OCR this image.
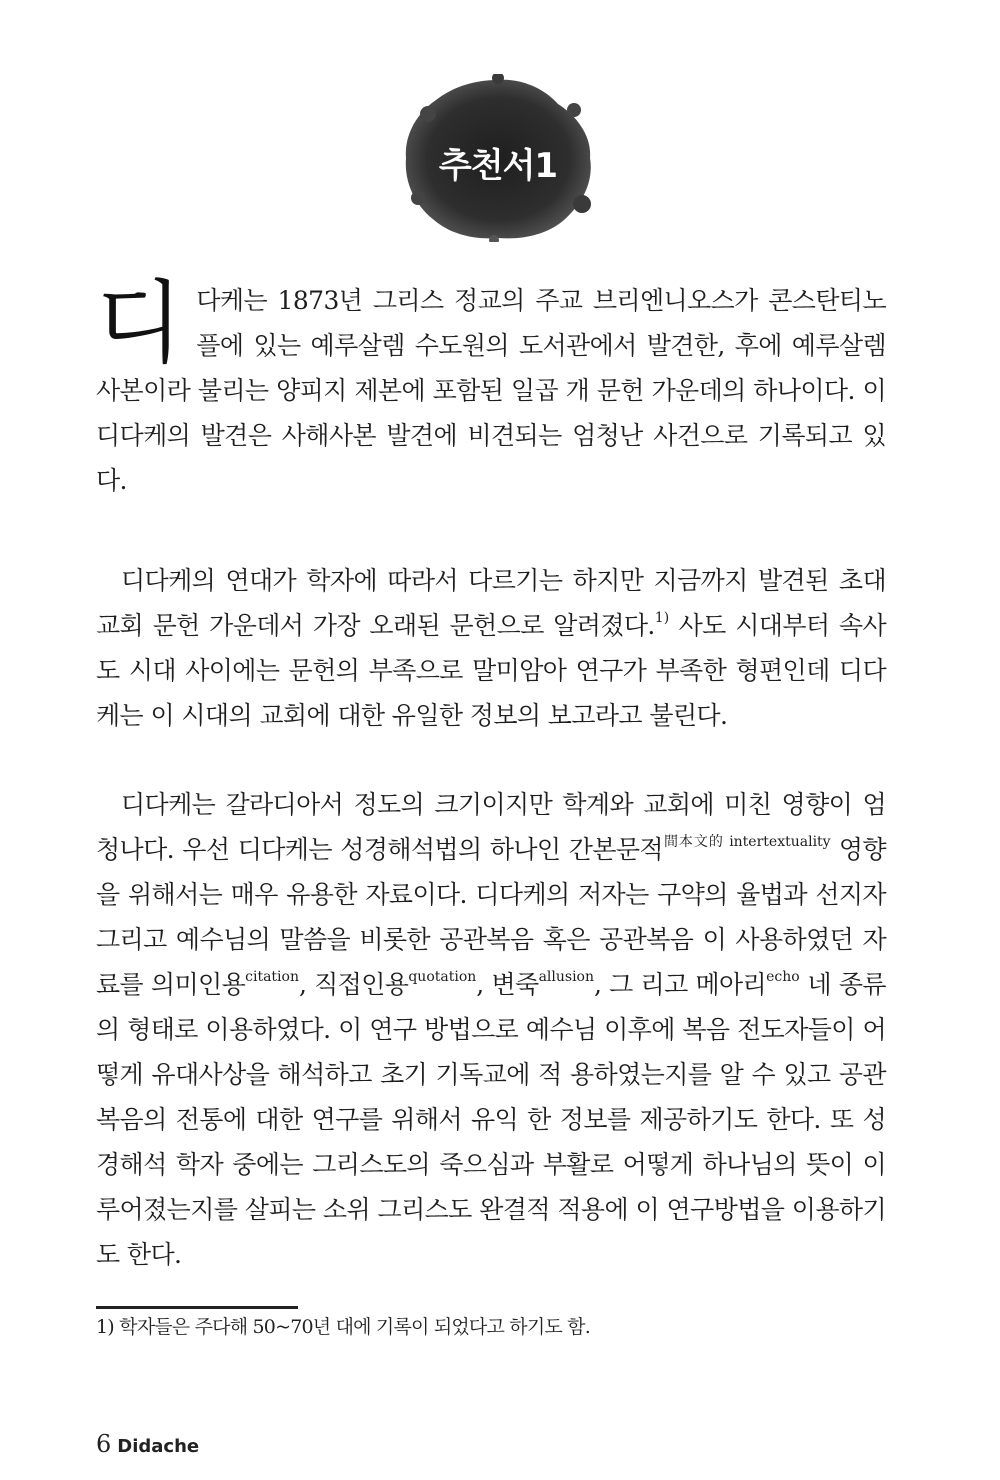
추천서1
디 다케는 1873년 그리스 정교의 주교 브리엔니오스가 콘스탄티노플에 있는 예루살렘 수도원의 도서관에서 발견한, 후에 예루살렘 사본이라 불리는 양피지 제본에 포함된 일곱 개 문헌 가운데의 하나이다. 이 디다케의 발견은 사해사본 발견에 비견되는 엄청난 사건으로 기록되고 있다.
디다케의 연대가 학자에 따라서 다르기는 하지만 지금까지 발견된 초대교회 문헌 가운데서 가장 오래된 문헌으로 알려졌다.$^{1)}$ 사도 시대부터 속사도 시대 사이에는 문헌의 부족으로 말미암아 연구가 부족한 형편인데 디다케는 이 시대의 교회에 대한 유일한 정보의 보고라고 불린다.
디다케는 갈라디아서 정도의 크기이지만 학계와 교회에 미친 영향이 엄청나다. 우선 디다케는 성경해석법의 하나인 간본문적$^{間本文的 intertextuality}$ 영향을 위해서는 매우 유용한 자료이다. 디다케의 저자는 구약의 율법과 선지자 그리고 예수님의 말씀을 비롯한 공관복음 혹은 공관복음 이 사용하였던 자료를 의미인용$^{citation}$, 직접인용$^{quotation}$, 변죽$^{allusion}$, 그 리고 메아리$^{echo}$ 네 종류의 형태로 이용하였다. 이 연구 방법으로 예수님 이후에 복음 전도자들이 어떻게 유대사상을 해석하고 초기 기독교에 적 용하였는지를 알 수 있고 공관복음의 전통에 대한 연구를 위해서 유익 한 정보를 제공하기도 한다. 또 성경해석 학자 중에는 그리스도의 죽으심과 부활로 어떻게 하나님의 뜻이 이루어졌는지를 살피는 소위 그리스도 완결적 적용에 이 연구방법을 이용하기도 한다.
1) 학자들은 주다해 50~70년 대에 기록이 되었다고 하기도 함.
6 Didache
